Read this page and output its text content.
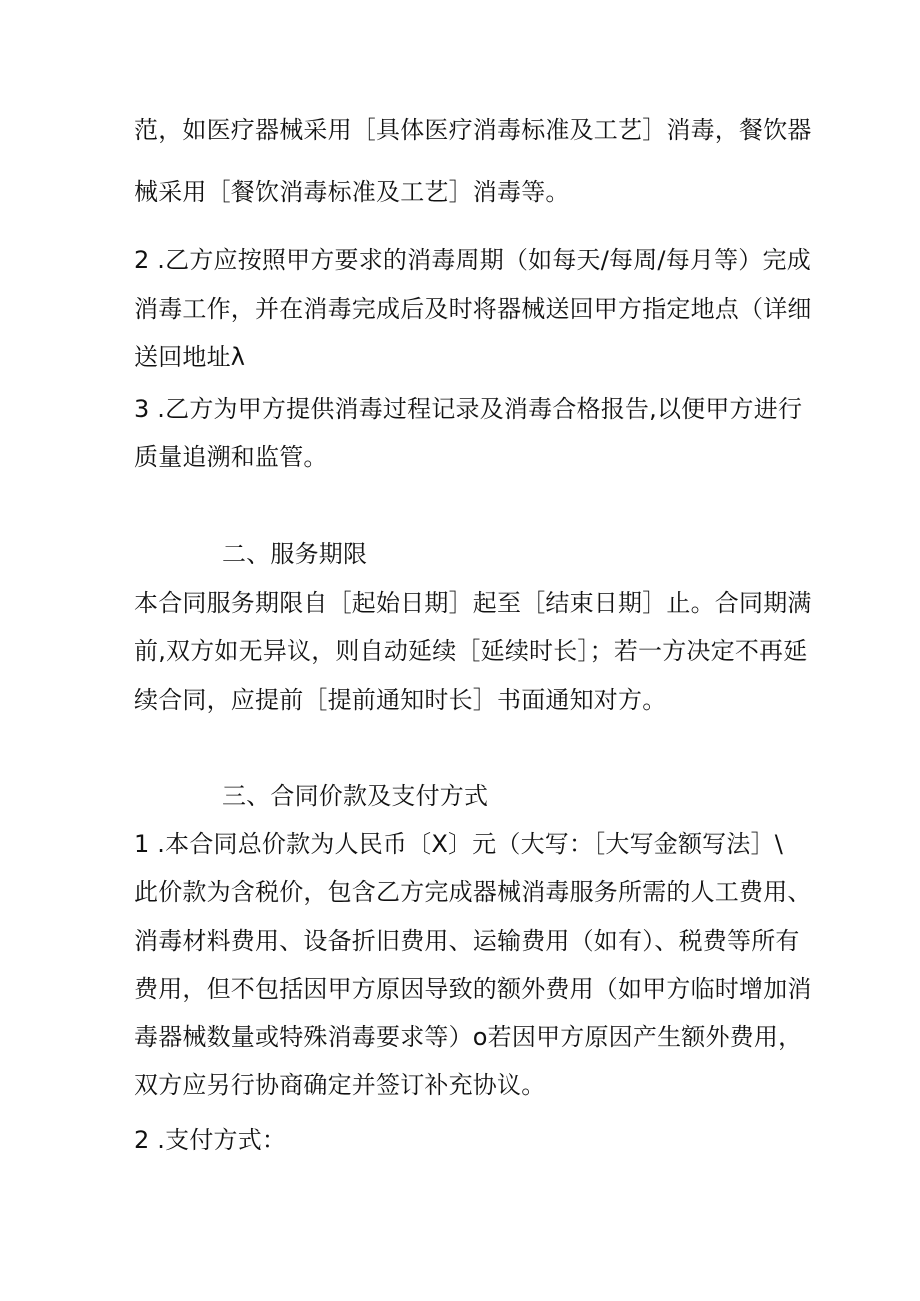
范，如医疗器械采用［具体医疗消毒标准及工艺］消毒，餐饮器
械采用［餐饮消毒标准及工艺］消毒等。
2 .乙方应按照甲方要求的消毒周期（如每天/每周/每月等）完成
消毒工作，并在消毒完成后及时将器械送回甲方指定地点（详细
送回地址λ
3 .乙方为甲方提供消毒过程记录及消毒合格报告,以便甲方进行
质量追溯和监管。
二、服务期限
本合同服务期限自［起始日期］起至［结束日期］止。合同期满
前,双方如无异议，则自动延续［延续时长］；若一方决定不再延
续合同，应提前［提前通知时长］书面通知对方。
三、合同价款及支付方式
1 .本合同总价款为人民币〔X〕元（大写：［大写金额写法］\
此价款为含税价，包含乙方完成器械消毒服务所需的人工费用、
消毒材料费用、设备折旧费用、运输费用（如有）、税费等所有
费用，但不包括因甲方原因导致的额外费用（如甲方临时增加消
毒器械数量或特殊消毒要求等）o若因甲方原因产生额外费用，
双方应另行协商确定并签订补充协议。
2 .支付方式：
